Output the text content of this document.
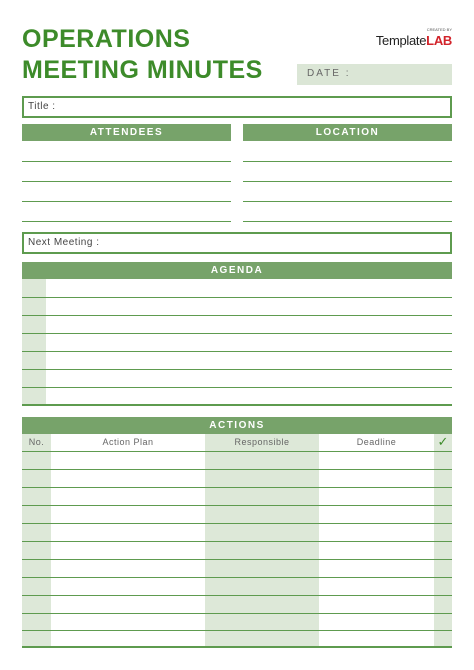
OPERATIONS
MEETING MINUTES
CREATED BY
TemplateLAB
DATE :
Title :
ATTENDEES	LOCATION
Next Meeting :
AGENDA
ACTIONS
No.	Action Plan	Responsible	Deadline	✓
